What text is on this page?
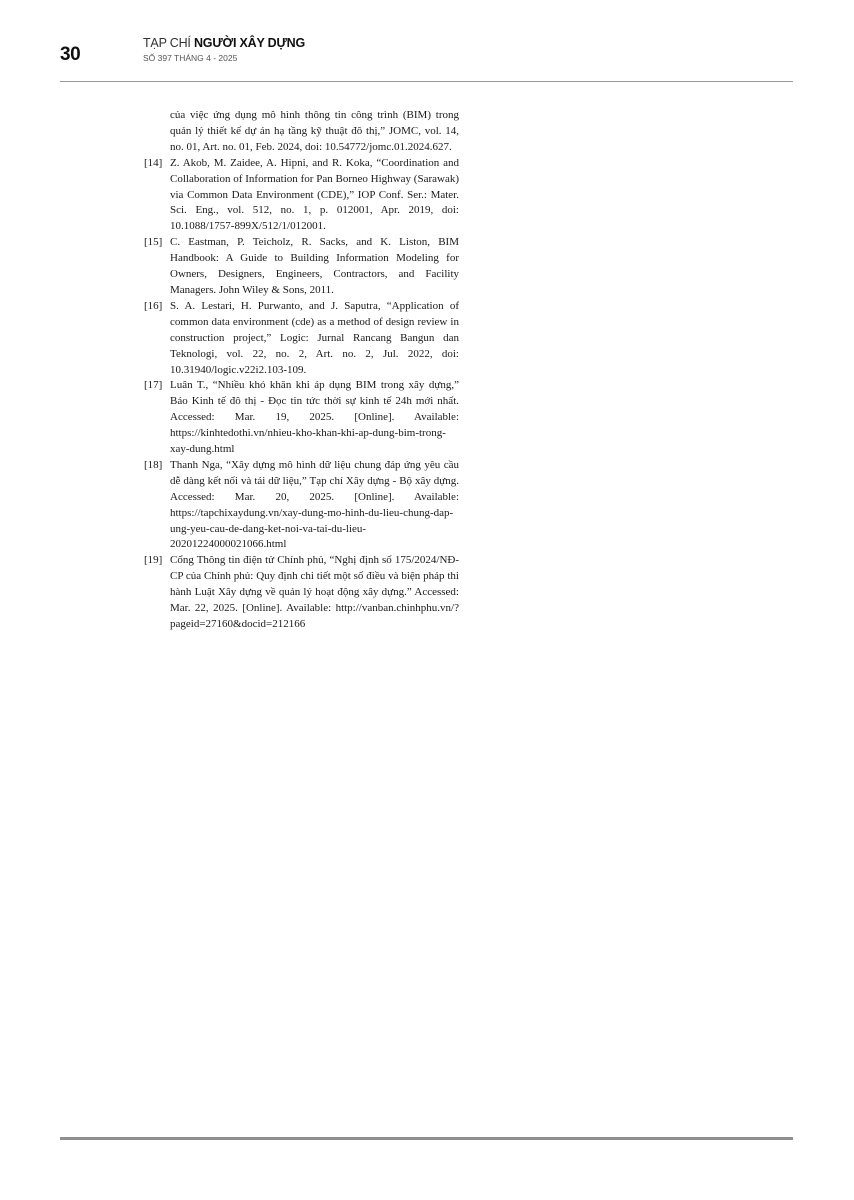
30
TẠP CHÍ NGƯỜI XÂY DỰNG
SỐ 397 THÁNG 4 - 2025
của việc ứng dụng mô hình thông tin công trình (BIM) trong quản lý thiết kế dự án hạ tầng kỹ thuật đô thị,” JOMC, vol. 14, no. 01, Art. no. 01, Feb. 2024, doi: 10.54772/jomc.01.2024.627.
[14] Z. Akob, M. Zaidee, A. Hipni, and R. Koka, “Coordination and Collaboration of Information for Pan Borneo Highway (Sarawak) via Common Data Environment (CDE),” IOP Conf. Ser.: Mater. Sci. Eng., vol. 512, no. 1, p. 012001, Apr. 2019, doi: 10.1088/1757-899X/512/1/012001.
[15] C. Eastman, P. Teicholz, R. Sacks, and K. Liston, BIM Handbook: A Guide to Building Information Modeling for Owners, Designers, Engineers, Contractors, and Facility Managers. John Wiley & Sons, 2011.
[16] S. A. Lestari, H. Purwanto, and J. Saputra, “Application of common data environment (cde) as a method of design review in construction project,” Logic: Jurnal Rancang Bangun dan Teknologi, vol. 22, no. 2, Art. no. 2, Jul. 2022, doi: 10.31940/logic.v22i2.103-109.
[17] Luân T., “Nhiều khó khăn khi áp dụng BIM trong xây dựng,” Báo Kinh tế đô thị - Đọc tin tức thời sự kinh tế 24h mới nhất. Accessed: Mar. 19, 2025. [Online]. Available: https://kinhtedothi.vn/nhieu-kho-khan-khi-ap-dung-bim-trong-xay-dung.html
[18] Thanh Nga, “Xây dựng mô hình dữ liệu chung đáp ứng yêu cầu dễ dàng kết nối và tái dữ liệu,” Tạp chí Xây dựng - Bộ xây dựng. Accessed: Mar. 20, 2025. [Online]. Available: https://tapchixaydung.vn/xay-dung-mo-hinh-du-lieu-chung-dap-ung-yeu-cau-de-dang-ket-noi-va-tai-du-lieu-20201224000021066.html
[19] Cổng Thông tin điện tử Chính phủ, “Nghị định số 175/2024/NĐ-CP của Chính phủ: Quy định chi tiết một số điều và biện pháp thi hành Luật Xây dựng về quản lý hoạt động xây dựng.” Accessed: Mar. 22, 2025. [Online]. Available: http://vanban.chinhphu.vn/?pageid=27160&docid=212166
